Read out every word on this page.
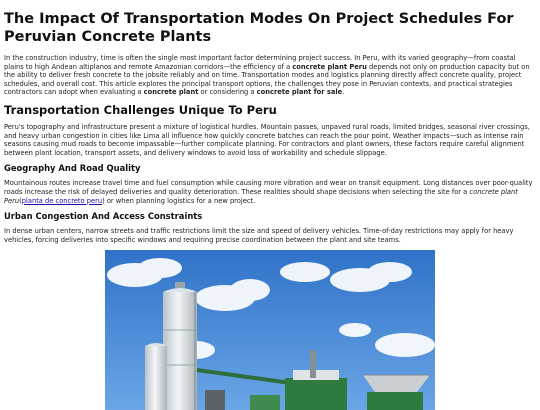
The Impact Of Transportation Modes On Project Schedules For Peruvian Concrete Plants

In the construction industry, time is often the single most important factor determining project success. In Peru, with its varied geography—from coastal plains to high Andean altiplanos and remote Amazonian corridors—the efficiency of a concrete plant Peru depends not only on production capacity but on the ability to deliver fresh concrete to the jobsite reliably and on time. Transportation modes and logistics planning directly affect concrete quality, project schedules, and overall cost. This article explores the principal transport options, the challenges they pose in Peruvian contexts, and practical strategies contractors can adopt when evaluating a concrete plant or considering a concrete plant for sale.

Transportation Challenges Unique To Peru

Peru's topography and infrastructure present a mixture of logistical hurdles. Mountain passes, unpaved rural roads, limited bridges, seasonal river crossings, and heavy urban congestion in cities like Lima all influence how quickly concrete batches can reach the pour point. Weather impacts—such as intense rain seasons causing mud roads to become impassable—further complicate planning. For contractors and plant owners, these factors require careful alignment between plant location, transport assets, and delivery windows to avoid loss of workability and schedule slippage.

Geography And Road Quality

Mountainous routes increase travel time and fuel consumption while causing more vibration and wear on transit equipment. Long distances over poor-quality roads increase the risk of delayed deliveries and quality deterioration. These realities should shape decisions when selecting the site for a concrete plant Peru(planta de concreto peru) or when planning logistics for a new project.

Urban Congestion And Access Constraints

In dense urban centers, narrow streets and traffic restrictions limit the size and speed of delivery vehicles. Time-of-day restrictions may apply for heavy vehicles, forcing deliveries into specific windows and requiring precise coordination between the plant and site teams.
